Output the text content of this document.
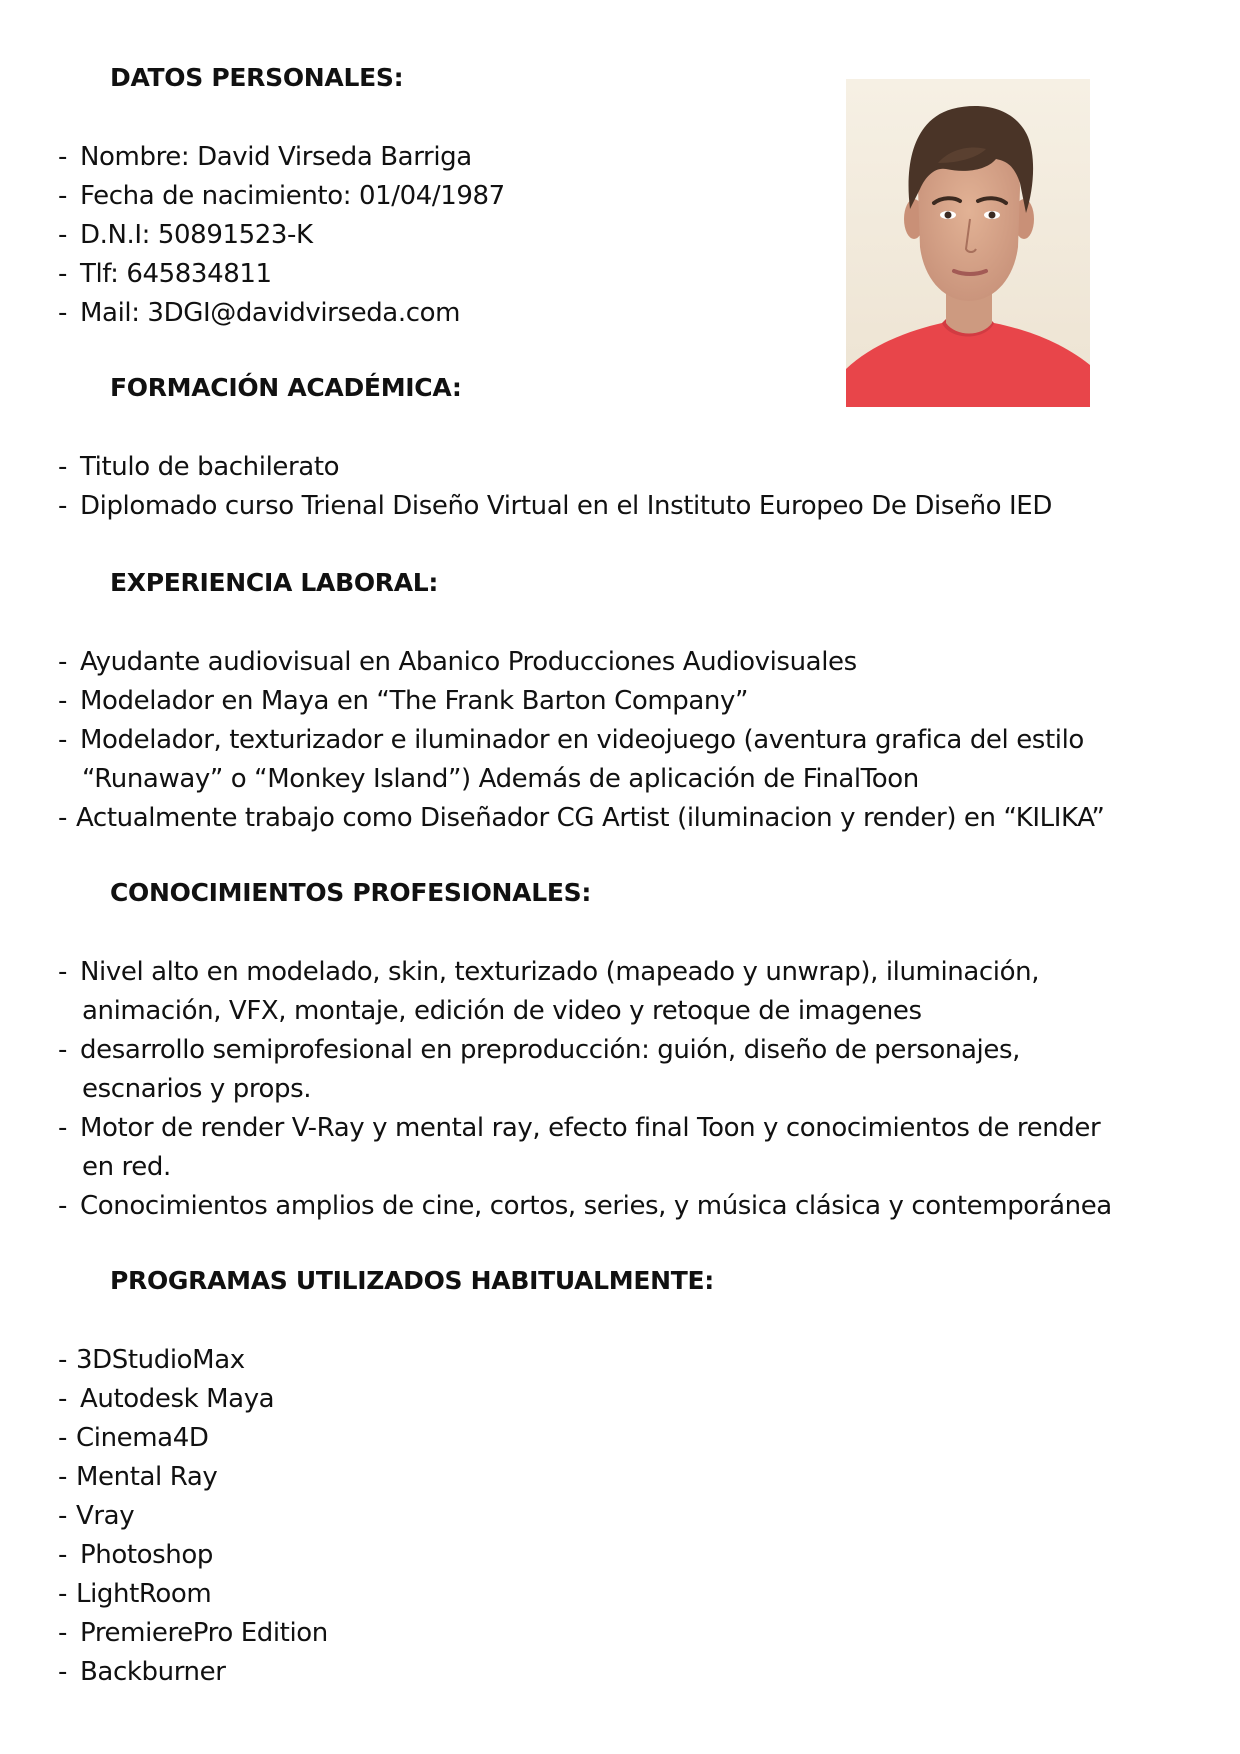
DATOS PERSONALES:
- Nombre: David Virseda Barriga
- Fecha de nacimiento: 01/04/1987
- D.N.I: 50891523-K
- Tlf: 645834811
- Mail: 3DGI@davidvirseda.com
FORMACIÓN ACADÉMICA:
- Titulo de bachilerato
- Diplomado curso Trienal Diseño Virtual en el Instituto Europeo De Diseño IED
EXPERIENCIA LABORAL:
- Ayudante audiovisual en Abanico Producciones Audiovisuales
- Modelador en Maya en “The Frank Barton Company”
- Modelador, texturizador e iluminador en videojuego (aventura grafica del estilo
“Runaway” o “Monkey Island”) Además de aplicación de FinalToon
- Actualmente trabajo como Diseñador CG Artist (iluminacion y render) en “KILIKA”
CONOCIMIENTOS PROFESIONALES:
- Nivel alto en modelado, skin, texturizado (mapeado y unwrap), iluminación,
animación, VFX, montaje, edición de video y retoque de imagenes
- desarrollo semiprofesional en preproducción: guión, diseño de personajes,
escnarios y props.
- Motor de render V-Ray y mental ray, efecto final Toon y conocimientos de render
en red.
- Conocimientos amplios de cine, cortos, series, y música clásica y contemporánea
PROGRAMAS UTILIZADOS HABITUALMENTE:
- 3DStudioMax
- Autodesk Maya
- Cinema4D
- Mental Ray
- Vray
- Photoshop
- LightRoom
- PremierePro Edition
- Backburner
